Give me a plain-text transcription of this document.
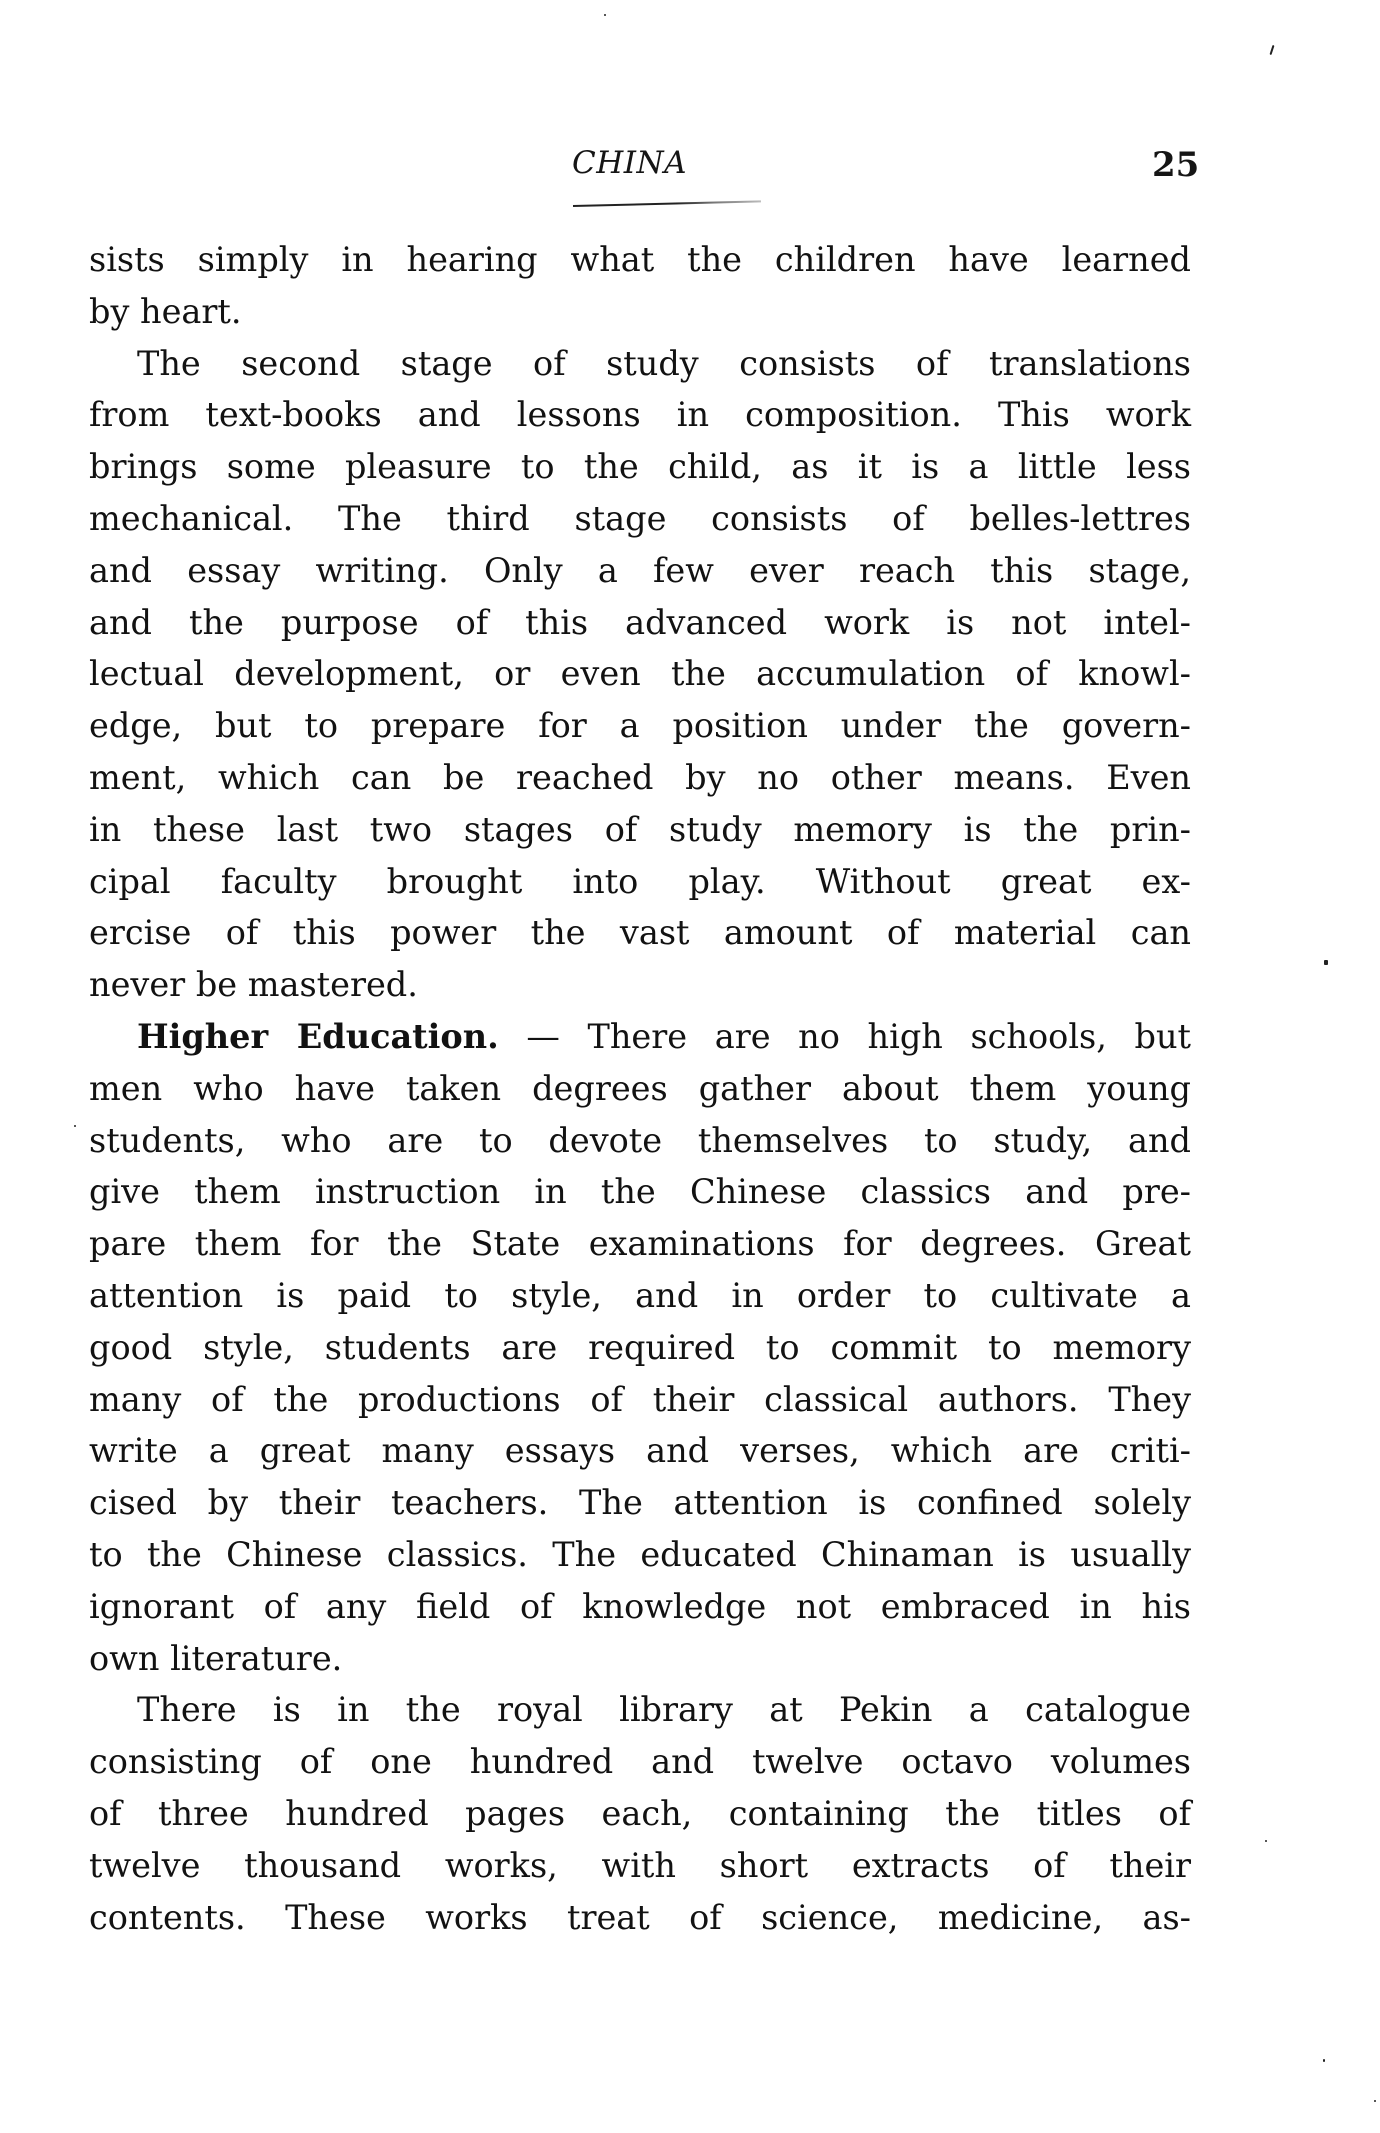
CHINA	25
sists simply in hearing what the children have learned
by heart.
The second stage of study consists of translations
from text-books and lessons in composition. This work
brings some pleasure to the child, as it is a little less
mechanical. The third stage consists of belles-lettres
and essay writing. Only a few ever reach this stage,
and the purpose of this advanced work is not intel-
lectual development, or even the accumulation of knowl-
edge, but to prepare for a position under the govern-
ment, which can be reached by no other means. Even
in these last two stages of study memory is the prin-
cipal faculty brought into play. Without great ex-
ercise of this power the vast amount of material can
never be mastered.
Higher Education. — There are no high schools, but
men who have taken degrees gather about them young
students, who are to devote themselves to study, and
give them instruction in the Chinese classics and pre-
pare them for the State examinations for degrees. Great
attention is paid to style, and in order to cultivate a
good style, students are required to commit to memory
many of the productions of their classical authors. They
write a great many essays and verses, which are criti-
cised by their teachers. The attention is confined solely
to the Chinese classics. The educated Chinaman is usually
ignorant of any field of knowledge not embraced in his
own literature.
There is in the royal library at Pekin a catalogue
consisting of one hundred and twelve octavo volumes
of three hundred pages each, containing the titles of
twelve thousand works, with short extracts of their
contents. These works treat of science, medicine, as-
